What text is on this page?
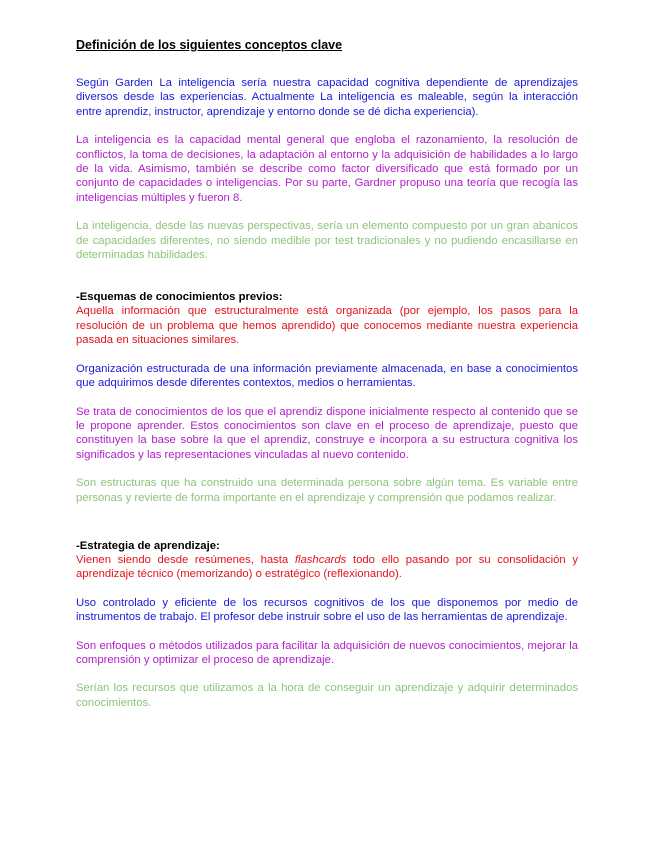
Definición de los siguientes conceptos clave

Según Garden La inteligencia sería nuestra capacidad cognitiva dependiente de aprendizajes diversos desde las experiencias. Actualmente La inteligencia es maleable, según la interacción entre aprendiz, instructor, aprendizaje y entorno donde se dé dicha experiencia).

La inteligencia es la capacidad mental general que engloba el razonamiento, la resolución de conflictos, la toma de decisiones, la adaptación al entorno y la adquisición de habilidades a lo largo de la vida. Asimismo, también se describe como factor diversificado que está formado por un conjunto de capacidades o inteligencias. Por su parte, Gardner propuso una teoría que recogía las inteligencias múltiples y fueron 8.

La inteligencia, desde las nuevas perspectivas, sería un elemento compuesto por un gran abanicos de capacidades diferentes, no siendo medible por test tradicionales y no pudiendo encasillarse en determinadas habilidades.

-Esquemas de conocimientos previos:

Aquella información que estructuralmente está organizada (por ejemplo, los pasos para la resolución de un problema que hemos aprendido) que conocemos mediante nuestra experiencia pasada en situaciones similares.

Organización estructurada de una información previamente almacenada, en base a conocimientos que adquirimos desde diferentes contextos, medios o herramientas.

Se trata de conocimientos de los que el aprendiz dispone inicialmente respecto al contenido que se le propone aprender. Estos conocimientos son clave en el proceso de aprendizaje, puesto que constituyen la base sobre la que el aprendiz, construye e incorpora a su estructura cognitiva los significados y las representaciones vinculadas al nuevo contenido.

Son estructuras que ha construido una determinada persona sobre algún tema. Es variable entre personas y revierte de forma importante en el aprendizaje y comprensión que podamos realizar.

-Estrategia de aprendizaje:

Vienen siendo desde resúmenes, hasta flashcards todo ello pasando por su consolidación y aprendizaje técnico (memorizando) o estratégico (reflexionando).

Uso controlado y eficiente de los recursos cognitivos de los que disponemos por medio de instrumentos de trabajo. El profesor debe instruir sobre el uso de las herramientas de aprendizaje.

Son enfoques o métodos utilizados para facilitar la adquisición de nuevos conocimientos, mejorar la comprensión y optimizar el proceso de aprendizaje.

Serían los recursos que utilizamos a la hora de conseguir un aprendizaje y adquirir determinados conocimientos.
